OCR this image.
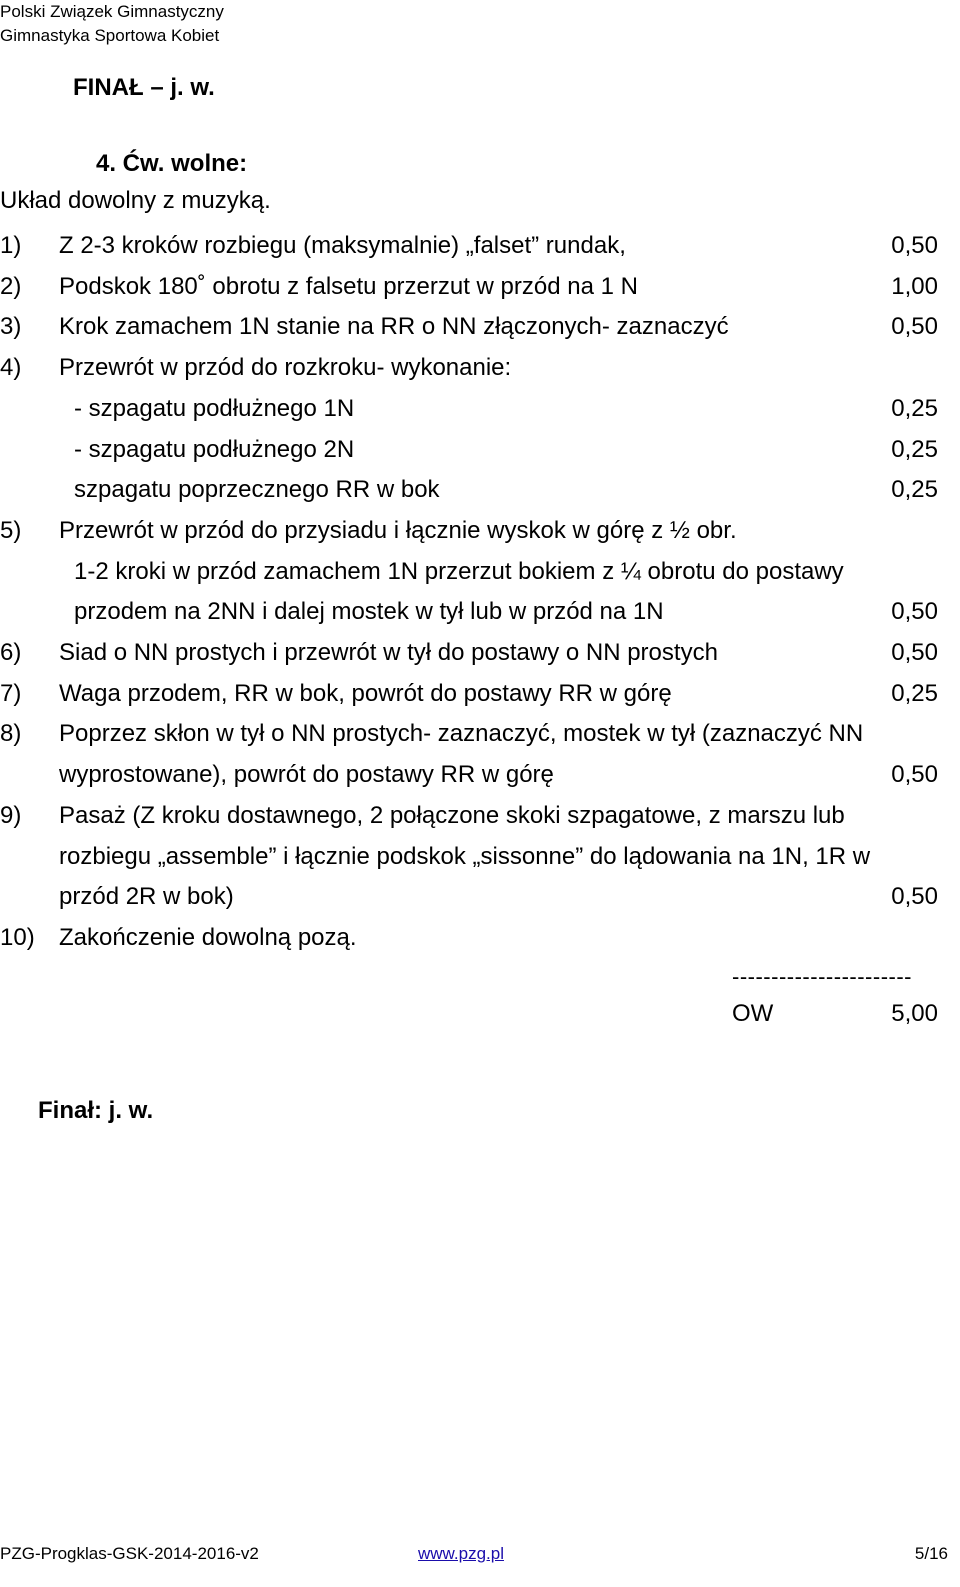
Polski Związek Gimnastyczny
Gimnastyka Sportowa Kobiet
FINAŁ – j. w.
4. Ćw. wolne:
Układ dowolny z muzyką.
1) Z 2-3 kroków rozbiegu (maksymalnie) „falset” rundak,	0,50
2) Podskok 180˚ obrotu z falsetu przerzut w przód na 1 N	1,00
3) Krok zamachem 1N stanie na RR o NN złączonych- zaznaczyć	0,50
4) Przewrót w przód do rozkroku- wykonanie:
- szpagatu podłużnego 1N	0,25
- szpagatu podłużnego 2N	0,25
szpagatu poprzecznego RR w bok	0,25
5) Przewrót w przód do przysiadu i łącznie wyskok w górę z ½ obr.
1-2 kroki w przód zamachem 1N przerzut bokiem z ¼ obrotu do postawy
przodem na 2NN i dalej mostek w tył lub w przód na 1N	0,50
6) Siad o NN prostych i przewrót w tył do postawy o NN prostych	0,50
7) Waga przodem, RR w bok, powrót do postawy RR w górę	0,25
8) Poprzez skłon w tył o NN prostych- zaznaczyć, mostek w tył (zaznaczyć NN
wyprostowane), powrót do postawy RR w górę	0,50
9) Pasaż (Z kroku dostawnego, 2 połączone skoki szpagatowe, z marszu lub
rozbiegu „assemble” i łącznie podskok „sissonne” do lądowania na 1N, 1R w
przód 2R w bok)	0,50
10) Zakończenie dowolną pozą.
-----------------------
OW	5,00
Finał: j. w.
PZG-Progklas-GSK-2014-2016-v2	www.pzg.pl	5/16
